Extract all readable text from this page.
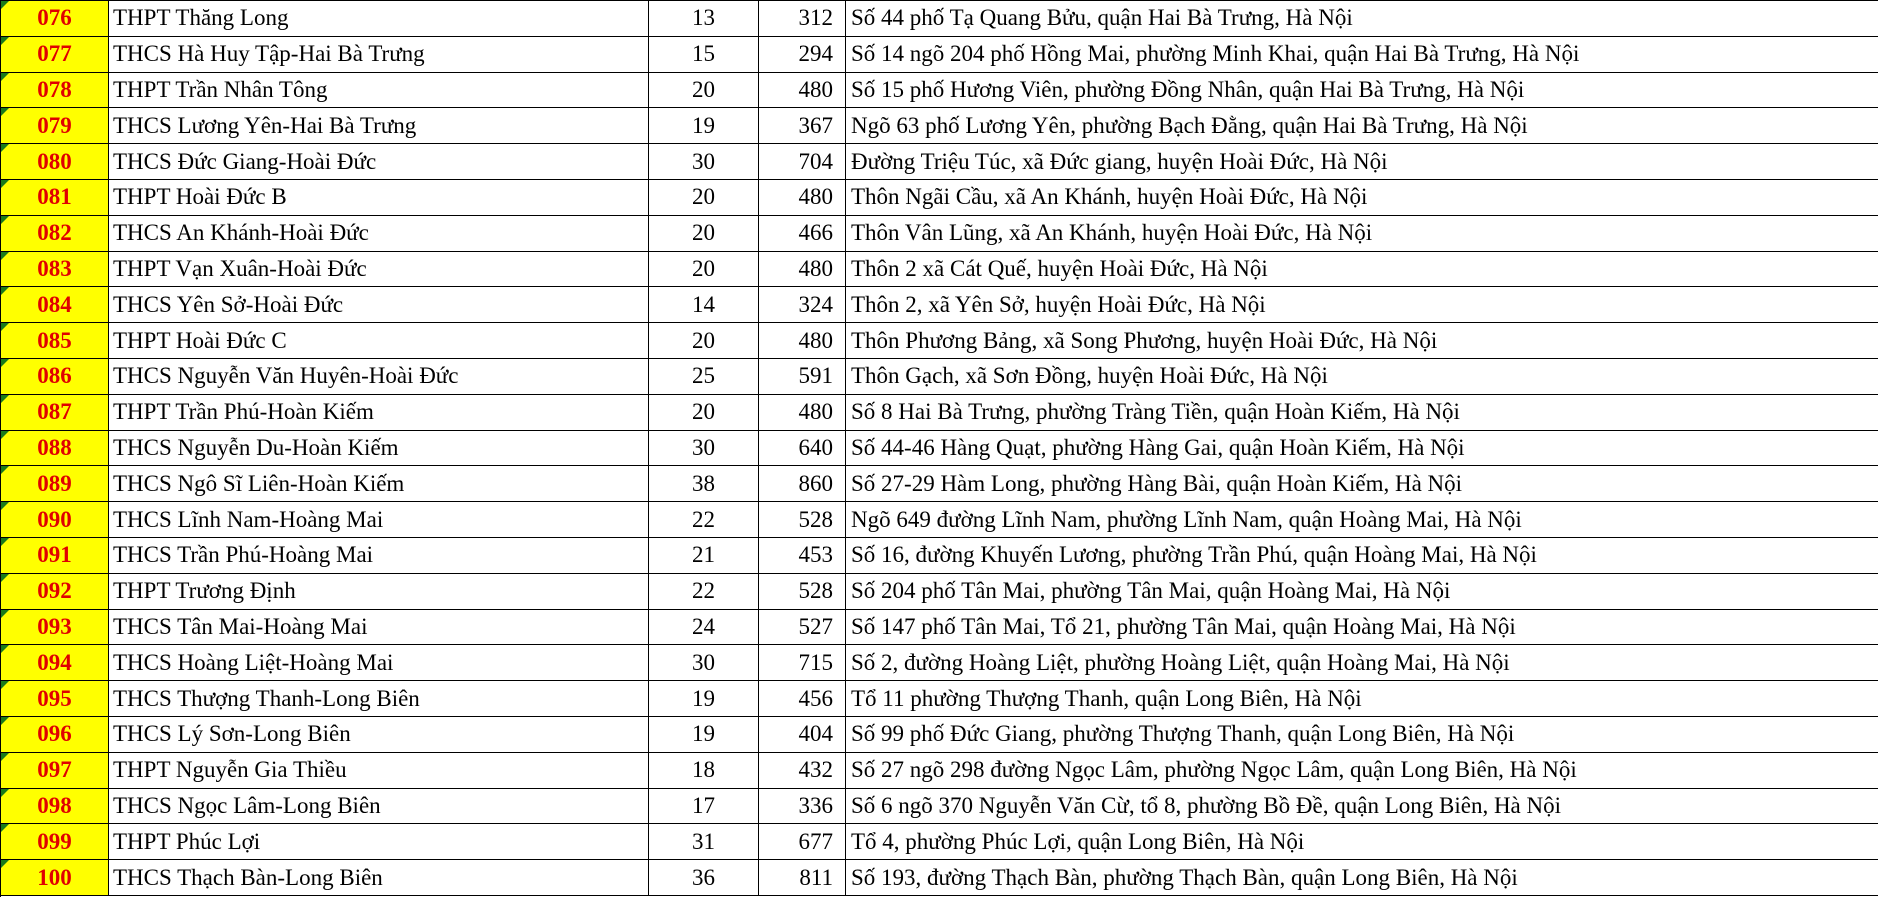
076 THPT Thăng Long	13	312 Số 44 phố Tạ Quang Bửu, quận Hai Bà Trưng, Hà Nội
077 THCS Hà Huy Tập-Hai Bà Trưng	15	294 Số 14 ngõ 204 phố Hồng Mai, phường Minh Khai, quận Hai Bà Trưng, Hà Nội
078 THPT Trần Nhân Tông	20	480 Số 15 phố Hương Viên, phường Đồng Nhân, quận Hai Bà Trưng, Hà Nội
079 THCS Lương Yên-Hai Bà Trưng	19	367 Ngõ 63 phố Lương Yên, phường Bạch Đằng, quận Hai Bà Trưng, Hà Nội
080 THCS Đức Giang-Hoài Đức	30	704 Đường Triệu Túc, xã Đức giang, huyện Hoài Đức, Hà Nội
081 THPT Hoài Đức B	20	480 Thôn Ngãi Cầu, xã An Khánh, huyện Hoài Đức, Hà Nội
082 THCS An Khánh-Hoài Đức	20	466 Thôn Vân Lũng, xã An Khánh, huyện Hoài Đức, Hà Nội
083 THPT Vạn Xuân-Hoài Đức	20	480 Thôn 2 xã Cát Quế, huyện Hoài Đức, Hà Nội
084 THCS Yên Sở-Hoài Đức	14	324 Thôn 2, xã Yên Sở, huyện Hoài Đức, Hà Nội
085 THPT Hoài Đức C	20	480 Thôn Phương Bảng, xã Song Phương, huyện Hoài Đức, Hà Nội
086 THCS Nguyễn Văn Huyên-Hoài Đức	25	591 Thôn Gạch, xã Sơn Đồng, huyện Hoài Đức, Hà Nội
087 THPT Trần Phú-Hoàn Kiếm	20	480 Số 8 Hai Bà Trưng, phường Tràng Tiền, quận Hoàn Kiếm, Hà Nội
088 THCS Nguyễn Du-Hoàn Kiếm	30	640 Số 44-46 Hàng Quạt, phường Hàng Gai, quận Hoàn Kiếm, Hà Nội
089 THCS Ngô Sĩ Liên-Hoàn Kiếm	38	860 Số 27-29 Hàm Long, phường Hàng Bài, quận Hoàn Kiếm, Hà Nội
090 THCS Lĩnh Nam-Hoàng Mai	22	528 Ngõ 649 đường Lĩnh Nam, phường Lĩnh Nam, quận Hoàng Mai, Hà Nội
091 THCS Trần Phú-Hoàng Mai	21	453 Số 16, đường Khuyến Lương, phường Trần Phú, quận Hoàng Mai, Hà Nội
092 THPT Trương Định	22	528 Số 204 phố Tân Mai, phường Tân Mai, quận Hoàng Mai, Hà Nội
093 THCS Tân Mai-Hoàng Mai	24	527 Số 147 phố Tân Mai, Tổ 21, phường Tân Mai, quận Hoàng Mai, Hà Nội
094 THCS Hoàng Liệt-Hoàng Mai	30	715 Số 2, đường Hoàng Liệt, phường Hoàng Liệt, quận Hoàng Mai, Hà Nội
095 THCS Thượng Thanh-Long Biên	19	456 Tổ 11 phường Thượng Thanh, quận Long Biên, Hà Nội
096 THCS Lý Sơn-Long Biên	19	404 Số 99 phố Đức Giang, phường Thượng Thanh, quận Long Biên, Hà Nội
097 THPT Nguyễn Gia Thiều	18	432 Số 27 ngõ 298 đường Ngọc Lâm, phường Ngọc Lâm, quận Long Biên, Hà Nội
098 THCS Ngọc Lâm-Long Biên	17	336 Số 6 ngõ 370 Nguyễn Văn Cừ, tổ 8, phường Bồ Đề, quận Long Biên, Hà Nội
099 THPT Phúc Lợi	31	677 Tổ 4, phường Phúc Lợi, quận Long Biên, Hà Nội
100 THCS Thạch Bàn-Long Biên	36	811 Số 193, đường Thạch Bàn, phường Thạch Bàn, quận Long Biên, Hà Nội
